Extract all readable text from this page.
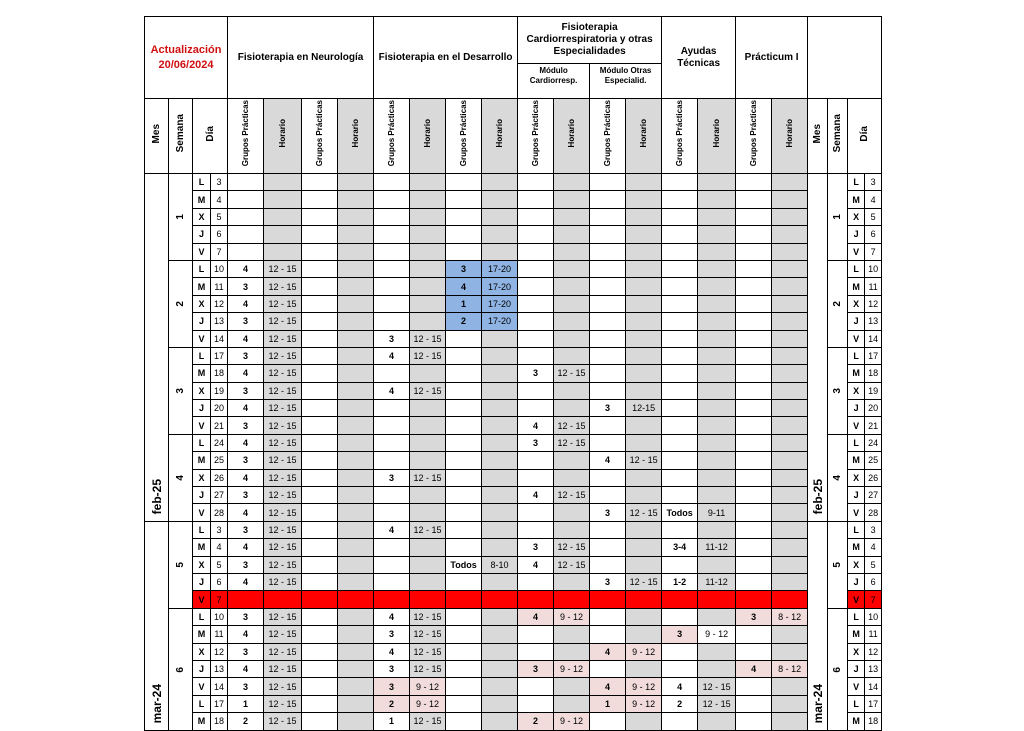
Actualización
20/06/2024				Fisioterapia en Neurología				Fisioterapia en el Desarrollo				Fisioterapia Cardiorrespiratoria y otras Especialidades				Ayudas Técnicas		Prácticum I					
												Módulo Cardiorresp.		Módulo Otras Especialid.									
Mes	Semana	Día		Grupos Prácticas	Horario	Grupos Prácticas	Horario	Grupos Prácticas	Horario	Grupos Prácticas	Horario	Grupos Prácticas	Horario	Grupos Prácticas	Horario	Grupos Prácticas	Horario	Grupos Prácticas	Horario	Mes	Semana	Día	
feb-25	1	L	3																	feb-25	1	L	3
		M	4																			M	4
		X	5																			X	5
		J	6																			J	6
		V	7																			V	7
	2	L	10	4	12 - 15					3	17-20										2	L	10
		M	11	3	12 - 15					4	17-20											M	11
		X	12	4	12 - 15					1	17-20											X	12
		J	13	3	12 - 15					2	17-20											J	13
		V	14	4	12 - 15			3	12 - 15													V	14
	3	L	17	3	12 - 15			4	12 - 15												3	L	17
		M	18	4	12 - 15							3	12 - 15									M	18
		X	19	3	12 - 15			4	12 - 15													X	19
		J	20	4	12 - 15									3	12-15							J	20
		V	21	3	12 - 15							4	12 - 15									V	21
	4	L	24	4	12 - 15							3	12 - 15								4	L	24
		M	25	3	12 - 15									4	12 - 15							M	25
		X	26	4	12 - 15			3	12 - 15													X	26
		J	27	3	12 - 15							4	12 - 15									J	27
		V	28	4	12 - 15									3	12 - 15	Todos	9-11					V	28
mar-24	5	L	3	3	12 - 15			4	12 - 15											mar-24	5	L	3
		M	4	4	12 - 15							3	12 - 15			3-4	11-12					M	4
		X	5	3	12 - 15					Todos	8-10	4	12 - 15									X	5
		J	6	4	12 - 15									3	12 - 15	1-2	11-12					J	6
		V	7																			V	7
	6	L	10	3	12 - 15			4	12 - 15			4	9 - 12					3	8 - 12		6	L	10
		M	11	4	12 - 15			3	12 - 15							3	9 - 12					M	11
		X	12	3	12 - 15			4	12 - 15					4	9 - 12							X	12
		J	13	4	12 - 15			3	12 - 15			3	9 - 12					4	8 - 12			J	13
		V	14	3	12 - 15			3	9 - 12					4	9 - 12	4	12 - 15					V	14
		L	17	1	12 - 15			2	9 - 12					1	9 - 12	2	12 - 15					L	17
		M	18	2	12 - 15			1	12 - 15			2	9 - 12									M	18
